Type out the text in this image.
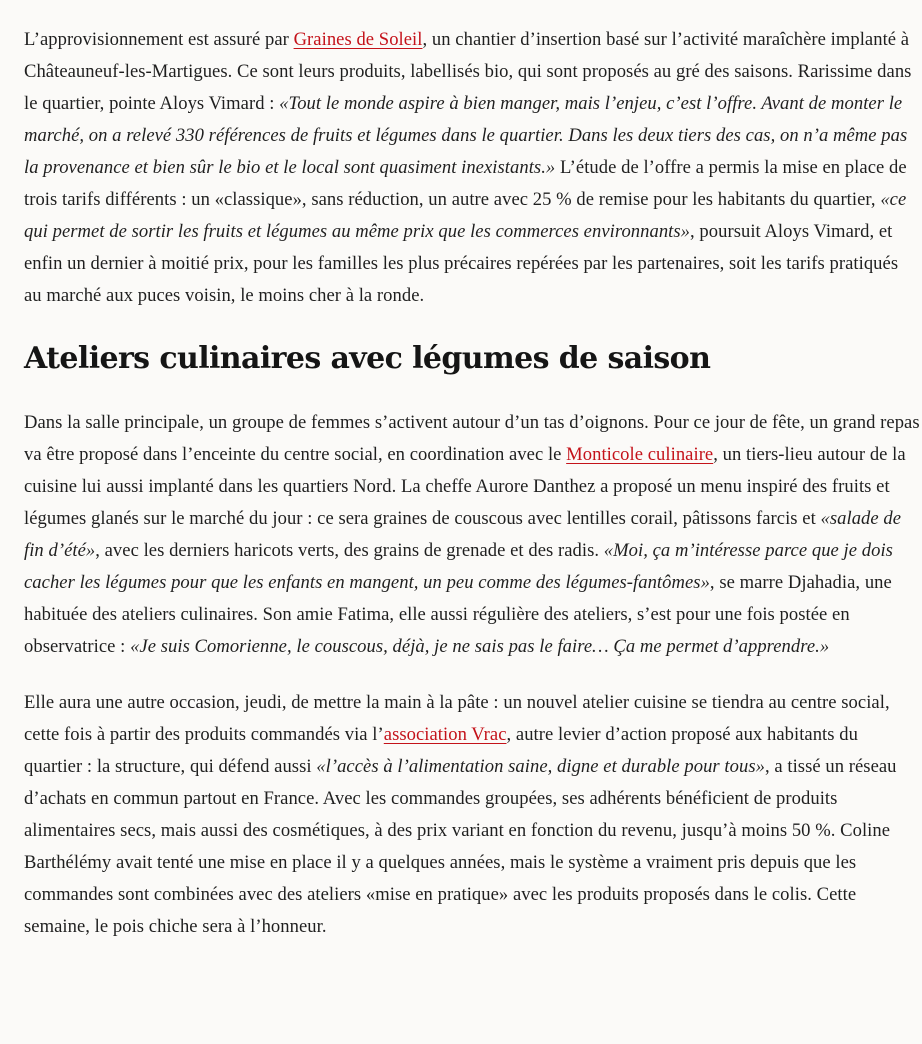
L’approvisionnement est assuré par Graines de Soleil, un chantier d’insertion basé sur l’activité maraîchère implanté à Châteauneuf-les-Martigues. Ce sont leurs produits, labellisés bio, qui sont proposés au gré des saisons. Rarissime dans le quartier, pointe Aloys Vimard : «Tout le monde aspire à bien manger, mais l’enjeu, c’est l’offre. Avant de monter le marché, on a relevé 330 références de fruits et légumes dans le quartier. Dans les deux tiers des cas, on n’a même pas la provenance et bien sûr le bio et le local sont quasiment inexistants.» L’étude de l’offre a permis la mise en place de trois tarifs différents : un «classique», sans réduction, un autre avec 25 % de remise pour les habitants du quartier, «ce qui permet de sortir les fruits et légumes au même prix que les commerces environnants», poursuit Aloys Vimard, et enfin un dernier à moitié prix, pour les familles les plus précaires repérées par les partenaires, soit les tarifs pratiqués au marché aux puces voisin, le moins cher à la ronde.

Ateliers culinaires avec légumes de saison

Dans la salle principale, un groupe de femmes s’activent autour d’un tas d’oignons. Pour ce jour de fête, un grand repas va être proposé dans l’enceinte du centre social, en coordination avec le Monticole culinaire, un tiers-lieu autour de la cuisine lui aussi implanté dans les quartiers Nord. La cheffe Aurore Danthez a proposé un menu inspiré des fruits et légumes glanés sur le marché du jour : ce sera graines de couscous avec lentilles corail, pâtissons farcis et «salade de fin d’été», avec les derniers haricots verts, des grains de grenade et des radis. «Moi, ça m’intéresse parce que je dois cacher les légumes pour que les enfants en mangent, un peu comme des légumes-fantômes», se marre Djahadia, une habituée des ateliers culinaires. Son amie Fatima, elle aussi régulière des ateliers, s’est pour une fois postée en observatrice : «Je suis Comorienne, le couscous, déjà, je ne sais pas le faire… Ça me permet d’apprendre.»

Elle aura une autre occasion, jeudi, de mettre la main à la pâte : un nouvel atelier cuisine se tiendra au centre social, cette fois à partir des produits commandés via l’association Vrac, autre levier d’action proposé aux habitants du quartier : la structure, qui défend aussi «l’accès à l’alimentation saine, digne et durable pour tous», a tissé un réseau d’achats en commun partout en France. Avec les commandes groupées, ses adhérents bénéficient de produits alimentaires secs, mais aussi des cosmétiques, à des prix variant en fonction du revenu, jusqu’à moins 50 %. Coline Barthélémy avait tenté une mise en place il y a quelques années, mais le système a vraiment pris depuis que les commandes sont combinées avec des ateliers «mise en pratique» avec les produits proposés dans le colis. Cette semaine, le pois chiche sera à l’honneur.
